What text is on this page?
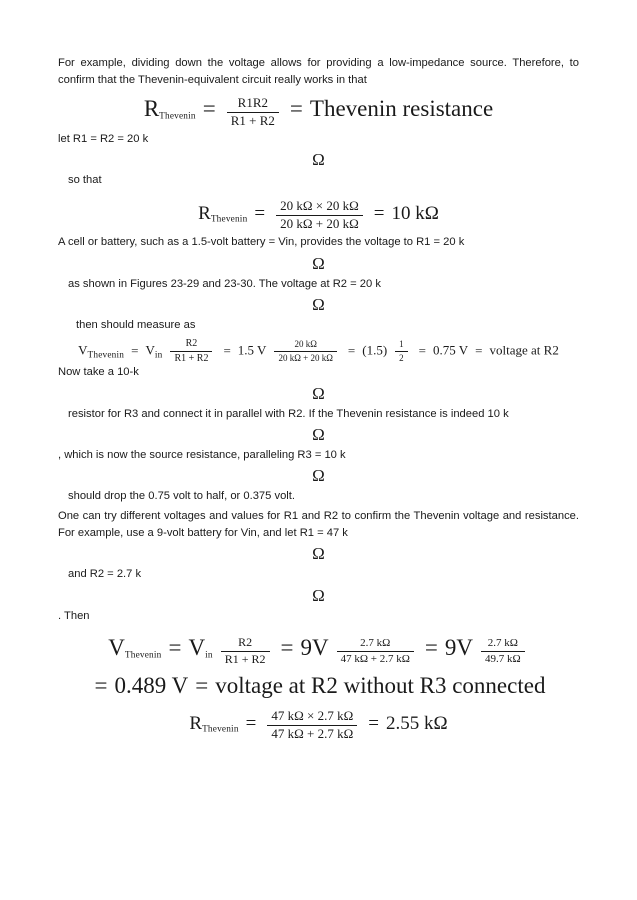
For example, dividing down the voltage allows for providing a low-impedance source. Therefore, to confirm that the Thevenin-equivalent circuit really works in that

$R_{Thevenin} = \frac{R1R2}{R1 + R2}$ = Thevenin resistance

let R1 = R2 = 20 k

Ω

so that

$R_{Thevenin} = \frac{20 k\Omega \times 20 k\Omega}{20 k\Omega + 20 k\Omega} = 10$ kΩ

A cell or battery, such as a 1.5-volt battery = Vin, provides the voltage to R1 = 20 k

Ω

as shown in Figures 23-29 and 23-30. The voltage at R2 = 20 k

Ω

then should measure as

$V_{Thevenin} = V_{in} \frac{R2}{R1 + R2} = 1.5$ V $\frac{20 k\Omega}{20 k\Omega + 20 k\Omega} = (1.5) \frac{1}{2} = 0.75$ V = voltage at R2

Now take a 10-k

Ω

resistor for R3 and connect it in parallel with R2. If the Thevenin resistance is indeed 10 k

Ω

, which is now the source resistance, paralleling R3 = 10 k

Ω

should drop the 0.75 volt to half, or 0.375 volt.

One can try different voltages and values for R1 and R2 to confirm the Thevenin voltage and resistance. For example, use a 9-volt battery for Vin, and let R1 = 47 k

Ω

and R2 = 2.7 k

Ω

. Then

$V_{Thevenin} = V_{in} \frac{R2}{R1 + R2} = 9V \frac{2.7 k\Omega}{47 k\Omega + 2.7 k\Omega} = 9V \frac{2.7 k\Omega}{49.7 k\Omega}$
= 0.489 V = voltage at R2 without R3 connected
$R_{Thevenin} = \frac{47 k\Omega \times 2.7 k\Omega}{47 k\Omega + 2.7 k\Omega} = 2.55$ kΩ
